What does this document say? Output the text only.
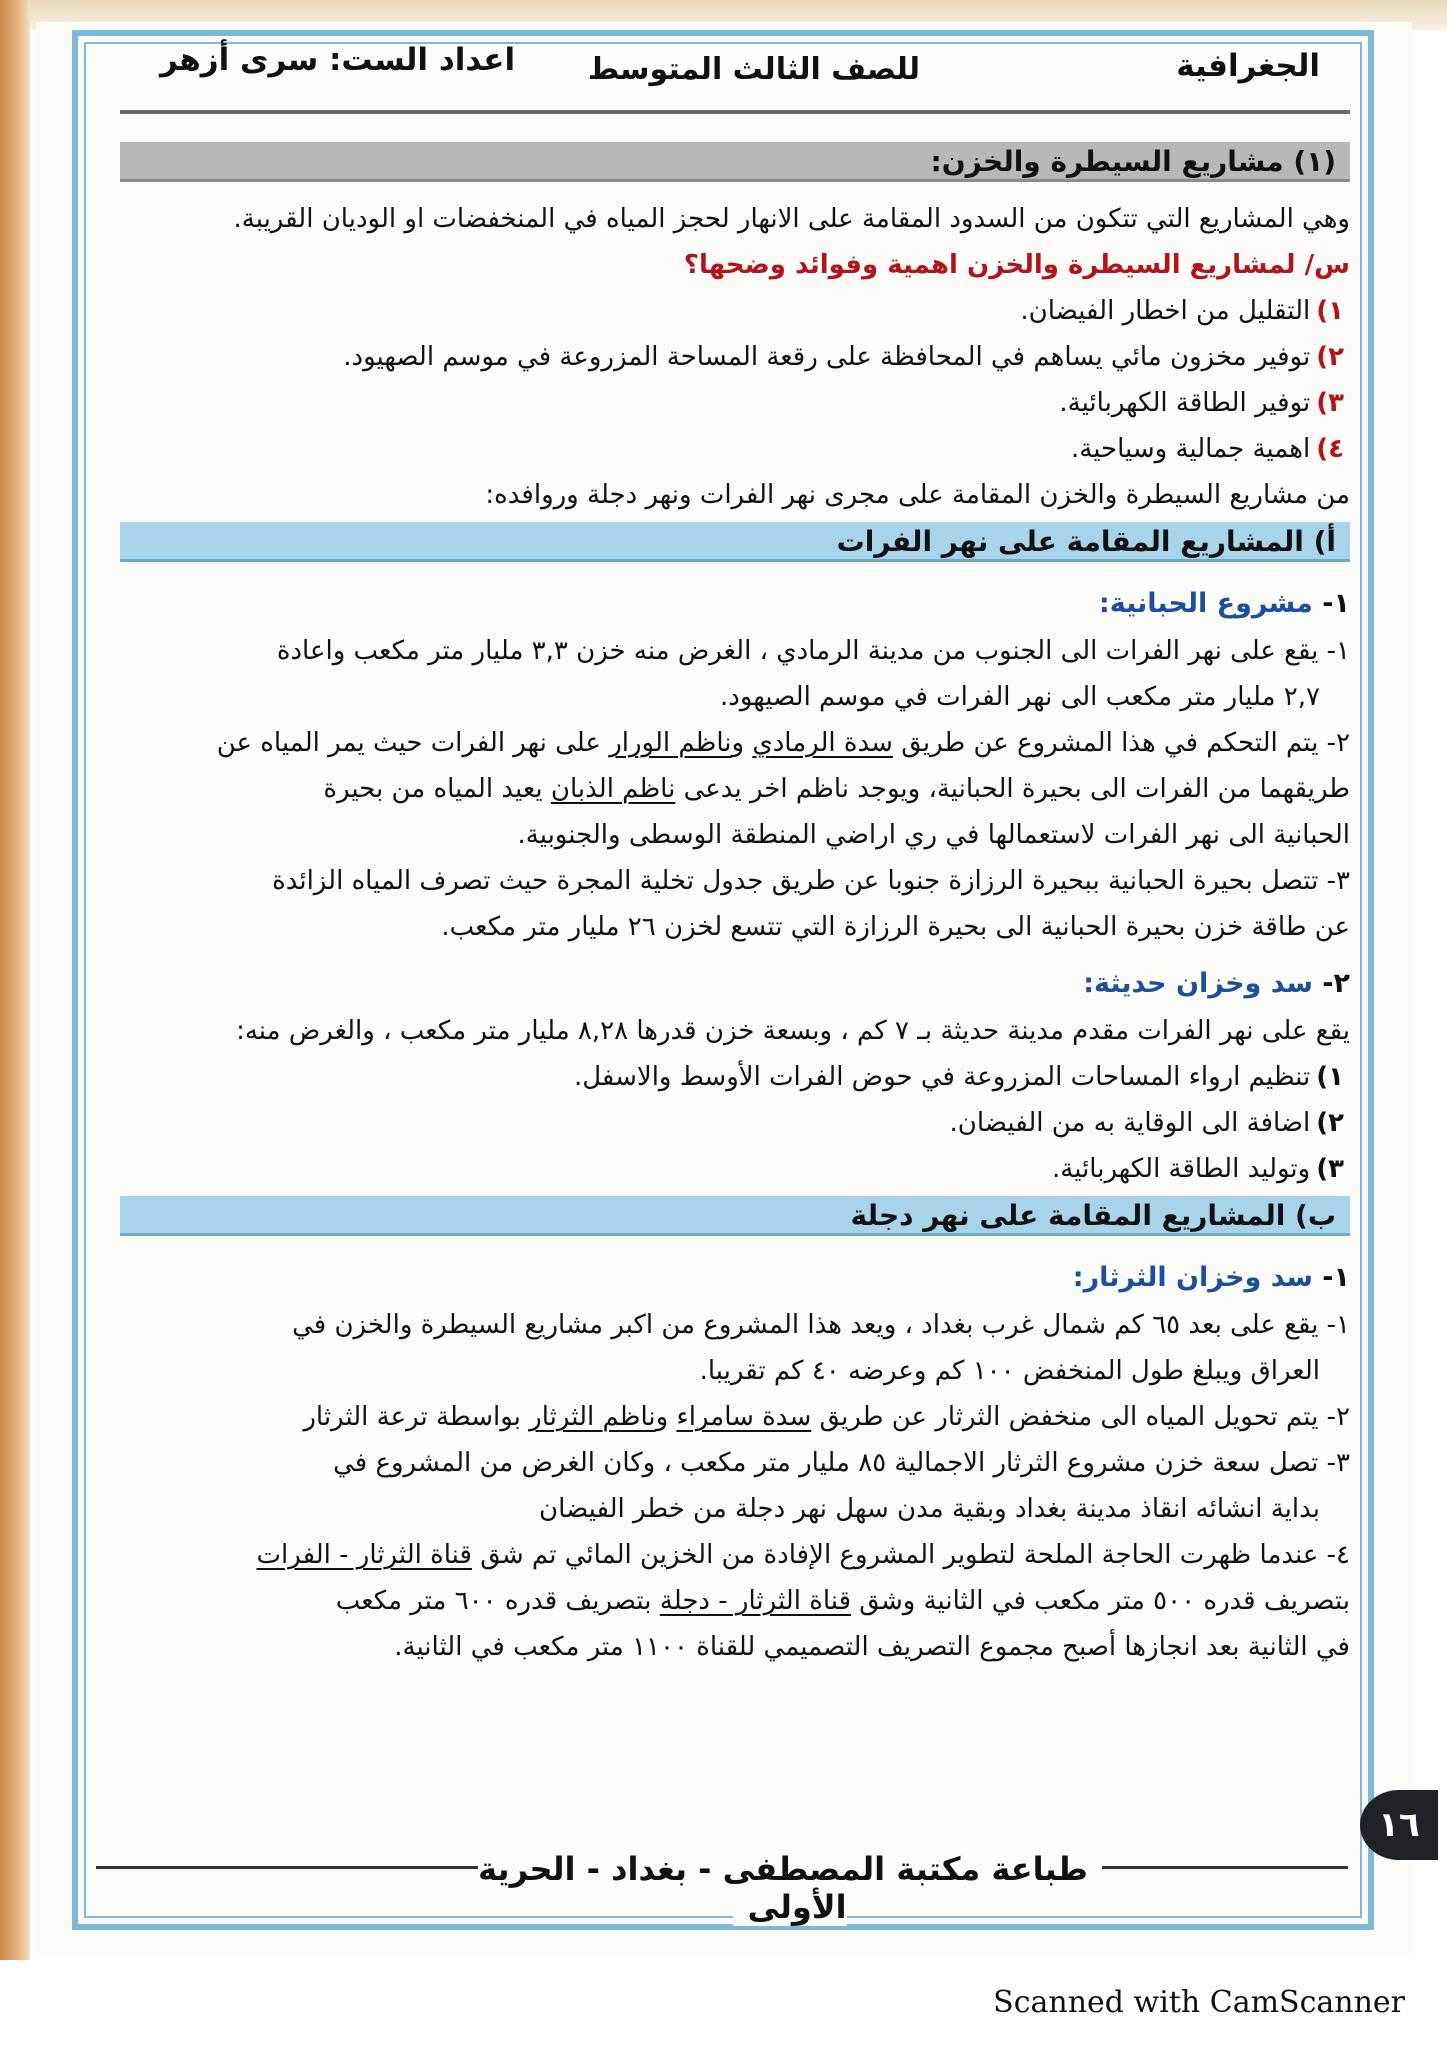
الجغرافية
للصف الثالث المتوسط
اعداد الست: سرى أزهر
(١) مشاريع السيطرة والخزن:

وهي المشاريع التي تتكون من السدود المقامة على الانهار لحجز المياه في المنخفضات او الوديان القريبة.

س/ لمشاريع السيطرة والخزن اهمية وفوائد وضحها؟

١)التقليل من اخطار الفيضان.

٢)توفير مخزون مائي يساهم في المحافظة على رقعة المساحة المزروعة في موسم الصهيود.

٣)توفير الطاقة الكهربائية.

٤)اهمية جمالية وسياحية.

من مشاريع السيطرة والخزن المقامة على مجرى نهر الفرات ونهر دجلة وروافده:

أ) المشاريع المقامة على نهر الفرات

١- مشروع الحبانية:

١- يقع على نهر الفرات الى الجنوب من مدينة الرمادي ، الغرض منه خزن ٣,٣ مليار متر مكعب واعادة

٢,٧ مليار متر مكعب الى نهر الفرات في موسم الصيهود.

٢- يتم التحكم في هذا المشروع عن طريق سدة الرمادي وناظم الورار على نهر الفرات حيث يمر المياه عن

طريقهما من الفرات الى بحيرة الحبانية، ويوجد ناظم اخر يدعى ناظم الذبان يعيد المياه من بحيرة

الحبانية الى نهر الفرات لاستعمالها في ري اراضي المنطقة الوسطى والجنوبية.

٣- تتصل بحيرة الحبانية ببحيرة الرزازة جنوبا عن طريق جدول تخلية المجرة حيث تصرف المياه الزائدة

عن طاقة خزن بحيرة الحبانية الى بحيرة الرزازة التي تتسع لخزن ٢٦ مليار متر مكعب.

٢- سد وخزان حديثة:

يقع على نهر الفرات مقدم مدينة حديثة بـ ٧ كم ، وبسعة خزن قدرها ٨,٢٨ مليار متر مكعب ، والغرض منه:

١)تنظيم ارواء المساحات المزروعة في حوض الفرات الأوسط والاسفل.

٢)اضافة الى الوقاية به من الفيضان.

٣)وتوليد الطاقة الكهربائية.

ب) المشاريع المقامة على نهر دجلة

١- سد وخزان الثرثار:

١- يقع على بعد ٦٥ كم شمال غرب بغداد ، ويعد هذا المشروع من اكبر مشاريع السيطرة والخزن في

العراق ويبلغ طول المنخفض ١٠٠ كم وعرضه ٤٠ كم تقريبا.

٢- يتم تحويل المياه الى منخفض الثرثار عن طريق سدة سامراء وناظم الثرثار بواسطة ترعة الثرثار

٣- تصل سعة خزن مشروع الثرثار الاجمالية ٨٥ مليار متر مكعب ، وكان الغرض من المشروع في

بداية انشائه انقاذ مدينة بغداد وبقية مدن سهل نهر دجلة من خطر الفيضان

٤- عندما ظهرت الحاجة الملحة لتطوير المشروع الإفادة من الخزين المائي تم شق قناة الثرثار - الفرات

بتصريف قدره ٥٠٠ متر مكعب في الثانية وشق قناة الثرثار - دجلة بتصريف قدره ٦٠٠ متر مكعب

في الثانية بعد انجازها أصبح مجموع التصريف التصميمي للقناة ١١٠٠ متر مكعب في الثانية.

١٦
طباعة مكتبة المصطفى - بغداد - الحرية الأولى
Scanned with CamScanner
